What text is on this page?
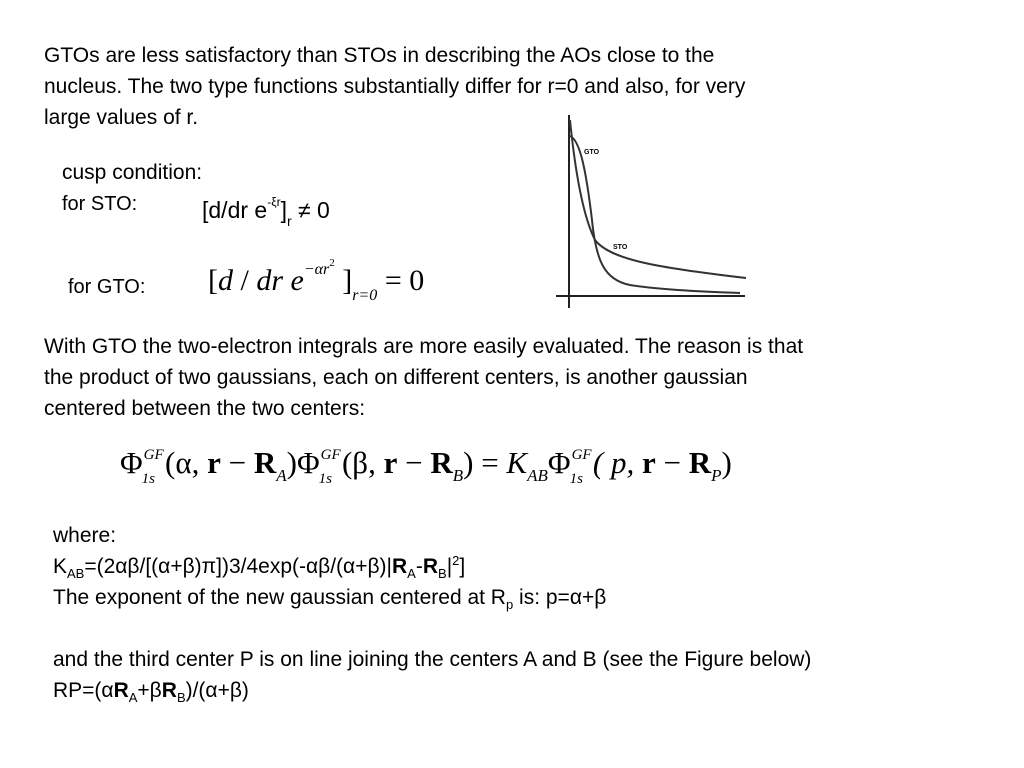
GTOs are less satisfactory than STOs in describing the AOs close to the
nucleus. The two type functions substantially differ for r=0 and also, for very
large values of r.
cusp condition:
for STO:	[d/dr $e^{-\xi r}]_r \ne 0$
for GTO: [d / dr $e^{-\alpha r2}$ ]$_{r=0} = 0$
GTO
STO
With GTO the two-electron integrals are more easily evaluated. The reason is that
the product of two gaussians, each on different centers, is another gaussian
centered between the two centers:
$\Phi^{GF}_{1s}$ (α, $r - R_A)\Phi^{GF}_{1s}$ (β, $r - R_B) = K_{AB}\Phi^{GF}_{1s}$ ( p, $r - R_P$)
where:
$K_{AB}=(2\alpha\beta/[(\alpha+\beta)\pi])3/4\exp(-\alpha\beta/(\alpha+\beta)|R_A-R_B|^2]$
The exponent of the new gaussian centered at $R_p$ is: p=α+β
and the third center P is on line joining the centers A and B (see the Figure below)
$RP=(\alpha R_A+\beta R_B)/(\alpha+\beta)$
